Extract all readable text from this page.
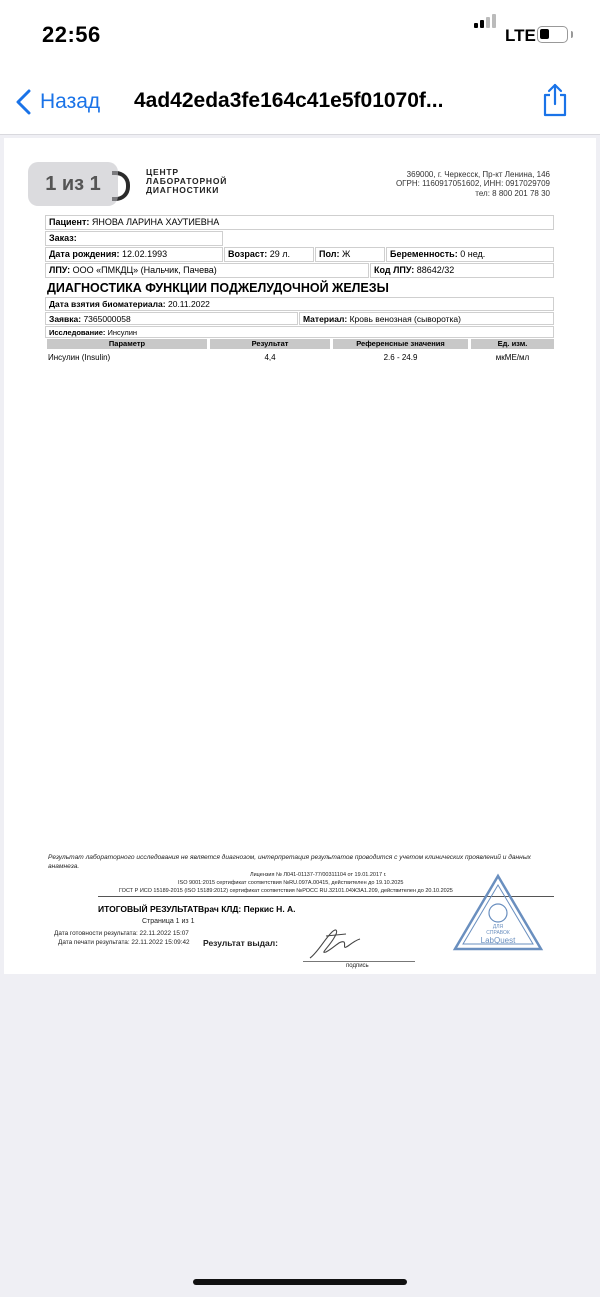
22:56	LTE
Назад 4ad42eda3fe164c41e5f01070f...
ЦЕНТР
ЛАБОРАТОРНОЙ
ДИАГНОСТИКИ
1 из 1	369000, г. Черкесск, Пр-кт Ленина, 146
ОГРН: 1160917051602, ИНН: 0917029709
тел: 8 800 201 78 30
Пациент: ЯНОВА ЛАРИНА ХАУТИЕВНА
Заказ:
Дата рождения: 12.02.1993	Возраст: 29 л.	Пол: Ж	Беременность: 0 нед.
ЛПУ: ООО «ПМКДЦ» (Нальчик, Пачева)	Код ЛПУ: 88642/32
ДИАГНОСТИКА ФУНКЦИИ ПОДЖЕЛУДОЧНОЙ ЖЕЛЕЗЫ
Дата взятия биоматериала: 20.11.2022
Заявка: 7365000058	Материал: Кровь венозная (сыворотка)
Исследование: Инсулин
Параметр	Результат	Референсные значения	Ед. изм.
Инсулин (Insulin)	4,4	2.6 - 24.9	мкМЕ/мл
Результат лабораторного исследования не является диагнозом, интерпретация результатов проводится с учетом клинических проявлений и данных анамнеза.
Лицензия № Л041-01137-77/00311104 от 19.01.2017 г.
ISO 9001:2015 сертификат соответствия №RU.097А.00415, действителен до 19.10.2025
ГОСТ Р ИСО 15189-2015 (ISO 15189:2012) сертификат соответствия №РОСС RU.32101.04ЖЗА1.209, действителен до 20.10.2025
ИТОГОВЫЙ РЕЗУЛЬТАТВрач КЛД: Перкис Н. А.
Страница 1 из 1
Дата готовности результата: 22.11.2022 15:07
Дата печати результата: 22.11.2022 15:09:42 Результат выдал:
подпись
ДЛЯ
СПРАВОК
LabQuest
